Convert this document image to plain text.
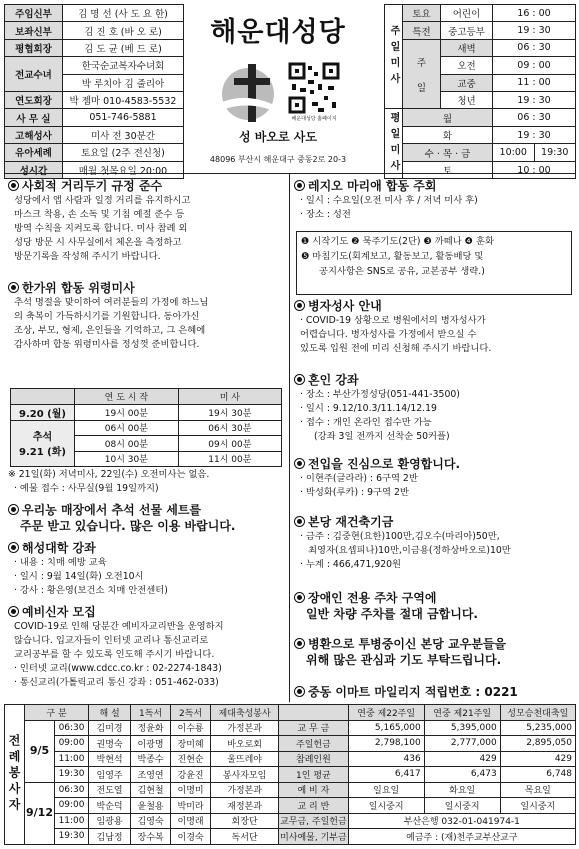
주임신부	김 명 선 (사 도 요 한)
보좌신부	김 진 호 (바 오 로)
평협회장	김 도 균 (베 드 로)
전교수녀	한국순교복자수녀회
	박 루치아 김 줄리아
연도회장	박 젬마 010-4583-5532
사 무 실	051-746-5881
고해성사	미사 전 30분간
유아세례	토요일 (2주 전신청)
성시간	매월 첫목요일 20:00
해운대성당
해운대성당 홈페이지
성 바오로 사도
48096 부산시 해운대구 중동2로 20-3
주일미사	토요	어린이	16 : 00	
	특전	중고등부	19 : 30	
	주

일	새벽	06 : 30	
		오전	09 : 00	
		교중	11 : 00	
		청년	19 : 30	
평일미사	월		06 : 30	
	화		19 : 30	
	수 · 목 · 금		10:00	19:30
	토		10 : 00	
사회적 거리두기 규정 준수

성당에서 앱 사람과 일정 거리를 유지하시고

마스크 착용, 손 소독 및 기침 예절 준수 등

방역 수칙을 지켜도록 합니다. 미사 참례 외

성당 방문 시 사무실에서 체온을 측정하고

방문기록을 작성해 주시기 바랍니다.

한가위 합동 위령미사

추석 명절을 맞이하여 여러분들의 가정에 하느님

의 축복이 가득하시기를 기원합니다. 동아가신

조상, 부모, 형제, 은인들을 기억하고, 그 은혜에

감사하며 합동 위령미사를 정성껏 준비합니다.

	연 도 시 작	미 사
9.20 (월)	19시 00분	19시 30분
추석
9.21 (화)	06시 00분	06시 30분
	08시 00분	09시 00분
	10시 30분	11시 00분

※ 21일(화) 저녁미사, 22일(수) 오전미사는 없음.

· 예물 접수 : 사무실(9월 19일까지)

우리농 매장에서 추석 선물 세트를
주문 받고 있습니다. 많은 이용 바랍니다.
해성대학 강좌

· 내용 : 치매 예방 교육

· 일시 : 9월 14일(화) 오전10시

· 강사 : 황은영(보건소 치매 안전센터)

예비신자 모집

COVID-19로 인해 당분간 예비자교리반을 운영하지

않습니다. 입교자들이 인터넷 교리나 통신교리로

교리공부를 할 수 있도록 인도해 주시기 바랍니다.

· 인터넷 교리(www.cdcc.co.kr : 02-2274-1843)

· 통신교리(가톨릭교리 통신 강좌 : 051-462-033)

레지오 마리애 합동 주회

· 일시 : 수요일(오전 미사 후 / 저녁 미사 후)

· 장소 : 성전

❶ 시작기도 ❷ 묵주기도(2단) ❸ 까떼나 ❹ 훈화
❺ 마침기도(회계보고, 활동보고, 활동배당 및
공지사항은 SNS로 공유, 교본공부 생략.)
병자성사 안내

· COVID-19 상황으로 병원에서의 병자성사가

어렵습니다. 병자성사를 가정에서 받으실 수

있도록 입원 전에 미리 신청해 주시기 바랍니다.

혼인 강좌

· 장소 : 부산가정성당(051-441-3500)

· 일시 : 9.12/10.3/11.14/12.19

· 접수 : 개인 온라인 접수만 가능

(강좌 3일 전까지 선착순 50커플)

전입을 진심으로 환영합니다.

· 이현주(글라라) : 6구역 2반

· 박성화(루카) : 9구역 2반

본당 재건축기금

· 금주 : 김중현(요한)100만,김오수(마리아)50만,

최영자(요셉피나)10만,이금용(정하상바오로)10만

· 누계 : 466,471,920원

장애인 전용 주차 구역에
일반 차량 주차를 절대 금합니다.
병환으로 투병중이신 본당 교우분들을
위해 많은 관심과 기도 부탁드립니다.
중동 이마트 마일리지 적립번호 : 0221
전례봉사자	구 분		해 설	1독서	2독서	제대축성봉사		연중 제22주일	연중 제21주일	성모승천대축일
	9/5	06:30	김미경	정윤화	이수룡	가정본과	교 무 금	5,165,000	5,395,000	5,235,000
		09:00	권명숙	이광명	장미혜	바오로회	주일헌금	2,798,100	2,777,000	2,895,050
		11:00	박현석	박종수	진현순	울뜨레야	참례인원	436	429	429
		19:30	임영주	조영연	강윤진	봉사자모임	1인 평균	6,417	6,473	6,748
	9/12	06:30	전도열	김현철	이명미	가정본과	예 비 자	일요일	화요일	목요일
		09:00	박순덕	윤철용	박미라	재정본과	교 리 반	일시중지	일시중지	일시중지
		11:00	임광용	김영숙	이명래	회장단	교무금, 주일헌금	부산은행 032-01-041974-1		
		19:30	김남정	장수복	이경숙	독서단	미사예물, 기부금	예금주 : (재)천주교부산교구		
